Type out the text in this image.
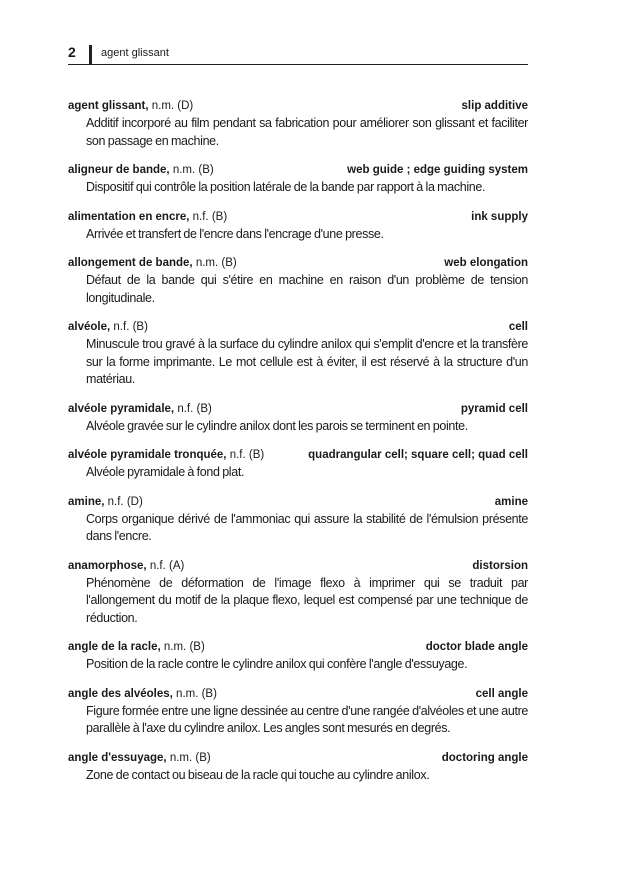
2 agent glissant
agent glissant, n.m. (D)	slip additive
Additif incorporé au film pendant sa fabrication pour améliorer son glissant et faciliter son passage en machine.
aligneur de bande, n.m. (B)	web guide ; edge guiding system
Dispositif qui contrôle la position latérale de la bande par rapport à la machine.
alimentation en encre, n.f. (B)	ink supply
Arrivée et transfert de l'encre dans l'encrage d'une presse.
allongement de bande, n.m. (B)	web elongation
Défaut de la bande qui s'étire en machine en raison d'un problème de tension longitudinale.
alvéole, n.f. (B)	cell
Minuscule trou gravé à la surface du cylindre anilox qui s'emplit d'encre et la transfère sur la forme imprimante. Le mot cellule est à éviter, il est réservé à la structure d'un matériau.
alvéole pyramidale, n.f. (B)	pyramid cell
Alvéole gravée sur le cylindre anilox dont les parois se terminent en pointe.
alvéole pyramidale tronquée, n.f. (B)	quadrangular cell; square cell; quad cell
Alvéole pyramidale à fond plat.
amine, n.f. (D)	amine
Corps organique dérivé de l'ammoniac qui assure la stabilité de l'émulsion présente dans l'encre.
anamorphose, n.f. (A)	distorsion
Phénomène de déformation de l'image flexo à imprimer qui se traduit par l'allongement du motif de la plaque flexo, lequel est compensé par une technique de réduction.
angle de la racle, n.m. (B)	doctor blade angle
Position de la racle contre le cylindre anilox qui confère l'angle d'essuyage.
angle des alvéoles, n.m. (B)	cell angle
Figure formée entre une ligne dessinée au centre d'une rangée d'alvéoles et une autre parallèle à l'axe du cylindre anilox. Les angles sont mesurés en degrés.
angle d'essuyage, n.m. (B)	doctoring angle
Zone de contact ou biseau de la racle qui touche au cylindre anilox.
